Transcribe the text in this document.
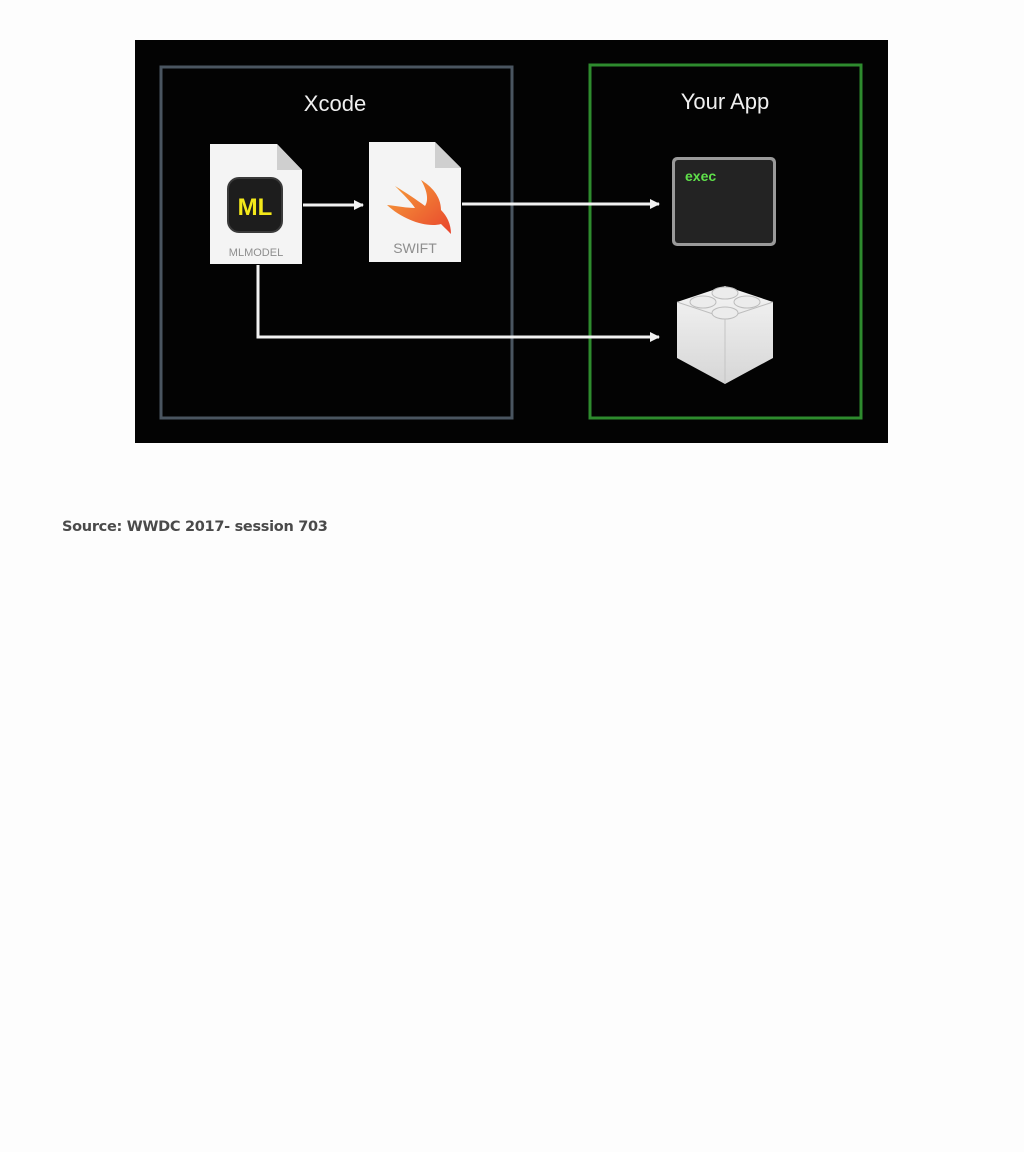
Xcode	Your App
ML
MLMODEL	SWIFT
exec
Source: WWDC 2017- session 703
